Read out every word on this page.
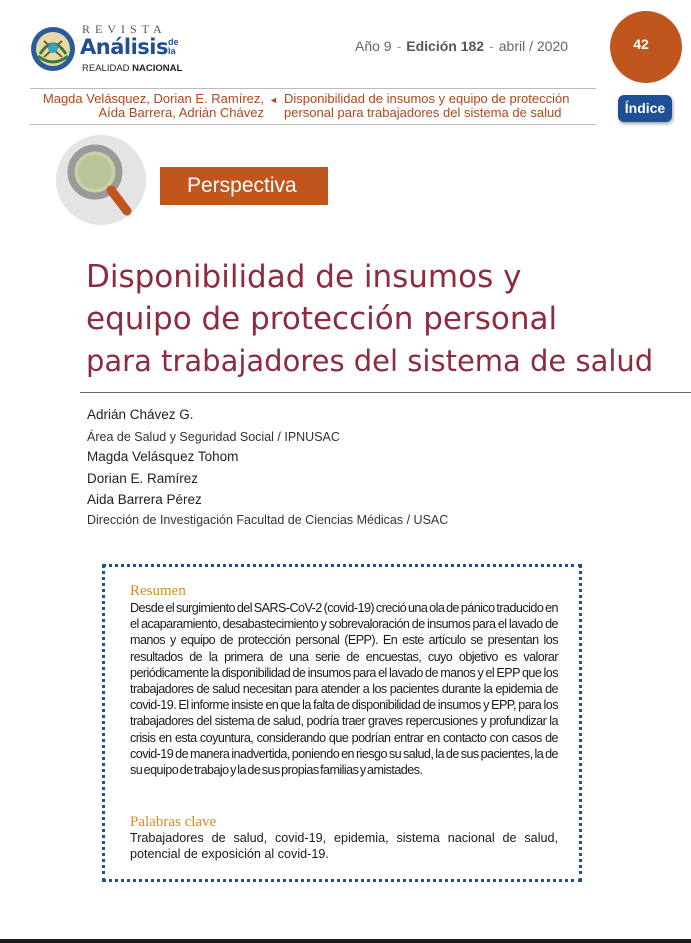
REVISTA
Análisis de la
REALIDAD NACIONAL
Año 9 - Edición 182 - abril / 2020	42
Magda Velásquez, Dorian E. Ramírez, Aída Barrera, Adrián Chávez
◄ Disponibilidad de insumos y equipo de protección personal para trabajadores del sistema de salud	Índice
Perspectiva
Disponibilidad de insumos y
equipo de protección personal
para trabajadores del sistema de salud
Adrián Chávez G.
Área de Salud y Seguridad Social / IPNUSAC
Magda Velásquez Tohom
Dorian E. Ramírez
Aida Barrera Pérez
Dirección de Investigación Facultad de Ciencias Médicas / USAC
Resumen
Desde el surgimiento del SARS-CoV-2 (covid-19) creció una ola de pánico traducido en el acaparamiento, desabastecimiento y sobrevaloración de insumos para el lavado de manos y equipo de protección personal (EPP). En este artículo se presentan los resultados de la primera de una serie de encuestas, cuyo objetivo es valorar periódicamente la disponibilidad de insumos para el lavado de manos y el EPP que los trabajadores de salud necesitan para atender a los pacientes durante la epidemia de covid-19. El informe insiste en que la falta de disponibilidad de insumos y EPP, para los trabajadores del sistema de salud, podría traer graves repercusiones y profundizar la crisis en esta coyuntura, considerando que podrían entrar en contacto con casos de covid-19 de manera inadvertida, poniendo en riesgo su salud, la de sus pacientes, la de su equipo de trabajo y la de sus propias familias y amistades.
Palabras clave
Trabajadores de salud, covid-19, epidemia, sistema nacional de salud, potencial de exposición al covid-19.
